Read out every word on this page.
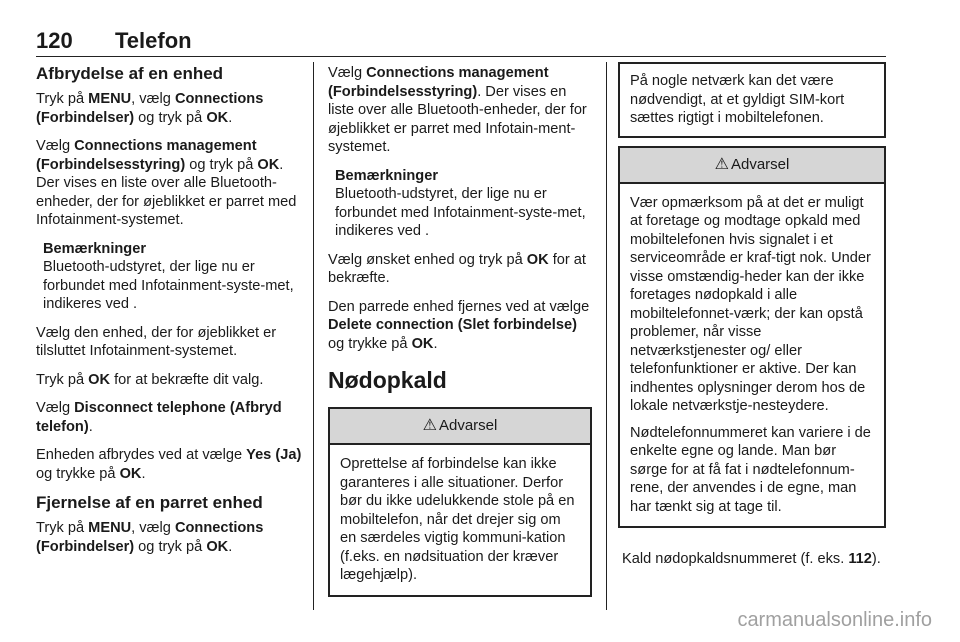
120 Telefon
Afbrydelse af en enhed

Tryk på MENU, vælg Connections (Forbindelser) og tryk på OK.

Vælg Connections management (Forbindelsesstyring) og tryk på OK. Der vises en liste over alle Bluetooth-enheder, der for øjeblikket er parret med Infotainment-systemet.

Bemærkninger
Bluetooth-udstyret, der lige nu er forbundet med Infotainment-syste-met, indikeres ved .

Vælg den enhed, der for øjeblikket er tilsluttet Infotainment-systemet.

Tryk på OK for at bekræfte dit valg.

Vælg Disconnect telephone (Afbryd telefon).

Enheden afbrydes ved at vælge Yes (Ja) og trykke på OK.

Fjernelse af en parret enhed

Tryk på MENU, vælg Connections (Forbindelser) og tryk på OK.

Vælg Connections management (Forbindelsesstyring). Der vises en liste over alle Bluetooth-enheder, der for øjeblikket er parret med Infotain-ment-systemet.

Bemærkninger
Bluetooth-udstyret, der lige nu er forbundet med Infotainment-syste-met, indikeres ved .

Vælg ønsket enhed og tryk på OK for at bekræfte.

Den parrede enhed fjernes ved at vælge Delete connection (Slet forbindelse) og trykke på OK.

Nødopkald
⚠ Advarsel

Oprettelse af forbindelse kan ikke garanteres i alle situationer. Derfor bør du ikke udelukkende stole på en mobiltelefon, når det drejer sig om en særdeles vigtig kommuni-kation (f.eks. en nødsituation der kræver lægehjælp).

På nogle netværk kan det være nødvendigt, at et gyldigt SIM-kort sættes rigtigt i mobiltelefonen.

⚠ Advarsel

Vær opmærksom på at det er muligt at foretage og modtage opkald med mobiltelefonen hvis signalet i et serviceområde er kraf-tigt nok. Under visse omstændig-heder kan der ikke foretages nødopkald i alle mobiltelefonnet-værk; der kan opstå problemer, når visse netværkstjenester og/ eller telefonfunktioner er aktive. Der kan indhentes oplysninger derom hos de lokale netværkstje-nesteydere.

Nødtelefonnummeret kan variere i de enkelte egne og lande. Man bør sørge for at få fat i nødtelefonnum-rene, der anvendes i de egne, man har tænkt sig at tage til.

Kald nødopkaldsnummeret (f. eks. 112).

carmanualsonline.info
